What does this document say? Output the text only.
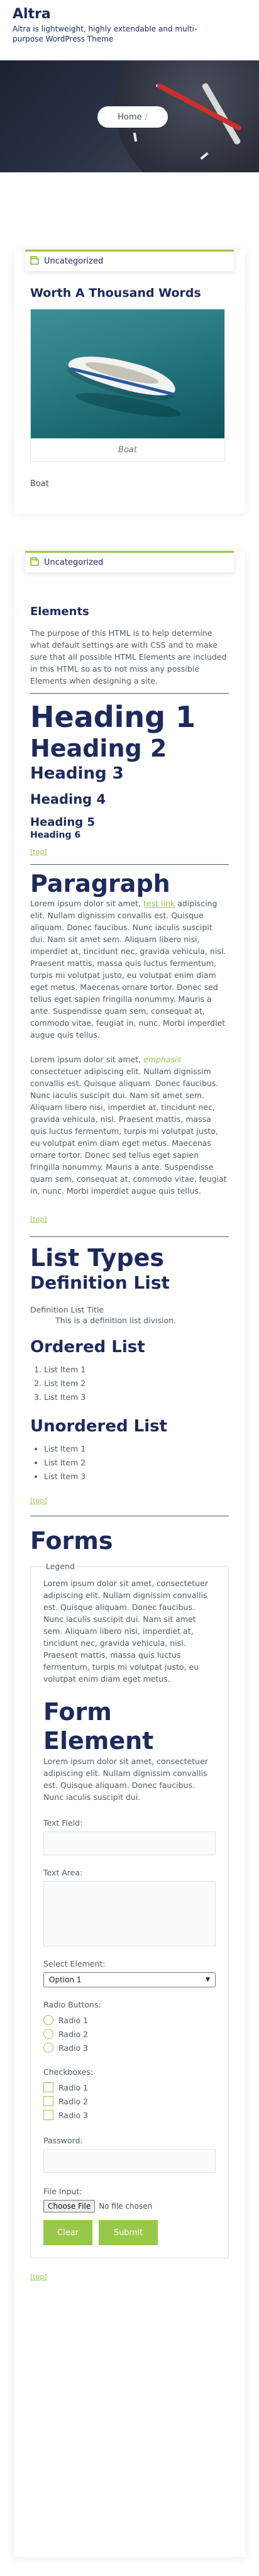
Altra

Altra is lightweight, highly extendable and multi-purpose WordPress Theme

Home /
Uncategorized
Worth A Thousand Words
Boat

Boat

Uncategorized
Elements

The purpose of this HTML is to help determine what default settings are with CSS and to make sure that all possible HTML Elements are included in this HTML so as to not miss any possible Elements when designing a site.

Heading 1

Heading 2

Heading 3

Heading 4

Heading 5

Heading 6

[top]

Paragraph

Lorem ipsum dolor sit amet, test link adipiscing elit. Nullam dignissim convallis est. Quisque aliquam. Donec faucibus. Nunc iaculis suscipit dui. Nam sit amet sem. Aliquam libero nisi, imperdiet at, tincidunt nec, gravida vehicula, nisl. Praesent mattis, massa quis luctus fermentum, turpis mi volutpat justo, eu volutpat enim diam eget metus. Maecenas ornare tortor. Donec sed tellus eget sapien fringilla nonummy. Mauris a ante. Suspendisse quam sem, consequat at, commodo vitae, feugiat in, nunc. Morbi imperdiet augue quis tellus.

Lorem ipsum dolor sit amet, emphasis consectetuer adipiscing elit. Nullam dignissim convallis est. Quisque aliquam. Donec faucibus. Nunc iaculis suscipit dui. Nam sit amet sem. Aliquam libero nisi, imperdiet at, tincidunt nec, gravida vehicula, nisl. Praesent mattis, massa quis luctus fermentum, turpis mi volutpat justo, eu volutpat enim diam eget metus. Maecenas ornare tortor. Donec sed tellus eget sapien fringilla nonummy. Mauris a ante. Suspendisse quam sem, consequat at, commodo vitae, feugiat in, nunc. Morbi imperdiet augue quis tellus.

[top]

List Types

Definition List

Definition List Title
This is a definition list division.

Ordered List

1. List Item 1
2. List Item 2
3. List Item 3

Unordered List

• List Item 1
• List Item 2
• List Item 3
[top]

Forms

Legend

Lorem ipsum dolor sit amet, consectetuer adipiscing elit. Nullam dignissim convallis est. Quisque aliquam. Donec faucibus. Nunc iaculis suscipit dui. Nam sit amet sem. Aliquam libero nisi, imperdiet at, tincidunt nec, gravida vehicula, nisl. Praesent mattis, massa quis luctus fermentum, turpis mi volutpat justo, eu volutpat enim diam eget metus.

Form Element

Lorem ipsum dolor sit amet, consectetuer adipiscing elit. Nullam dignissim convallis est. Quisque aliquam. Donec faucibus. Nunc iaculis suscipit dui.

Text Field:

Text Area:

Select Element:

Option 1	▼

Radio Buttons:

Radio 1
Radio 2
Radio 3

Checkboxes:

Radio 1
Radio 2
Radio 3

Password:

File Input:

Choose File	No file chosen
Clear	Submit
[top]
